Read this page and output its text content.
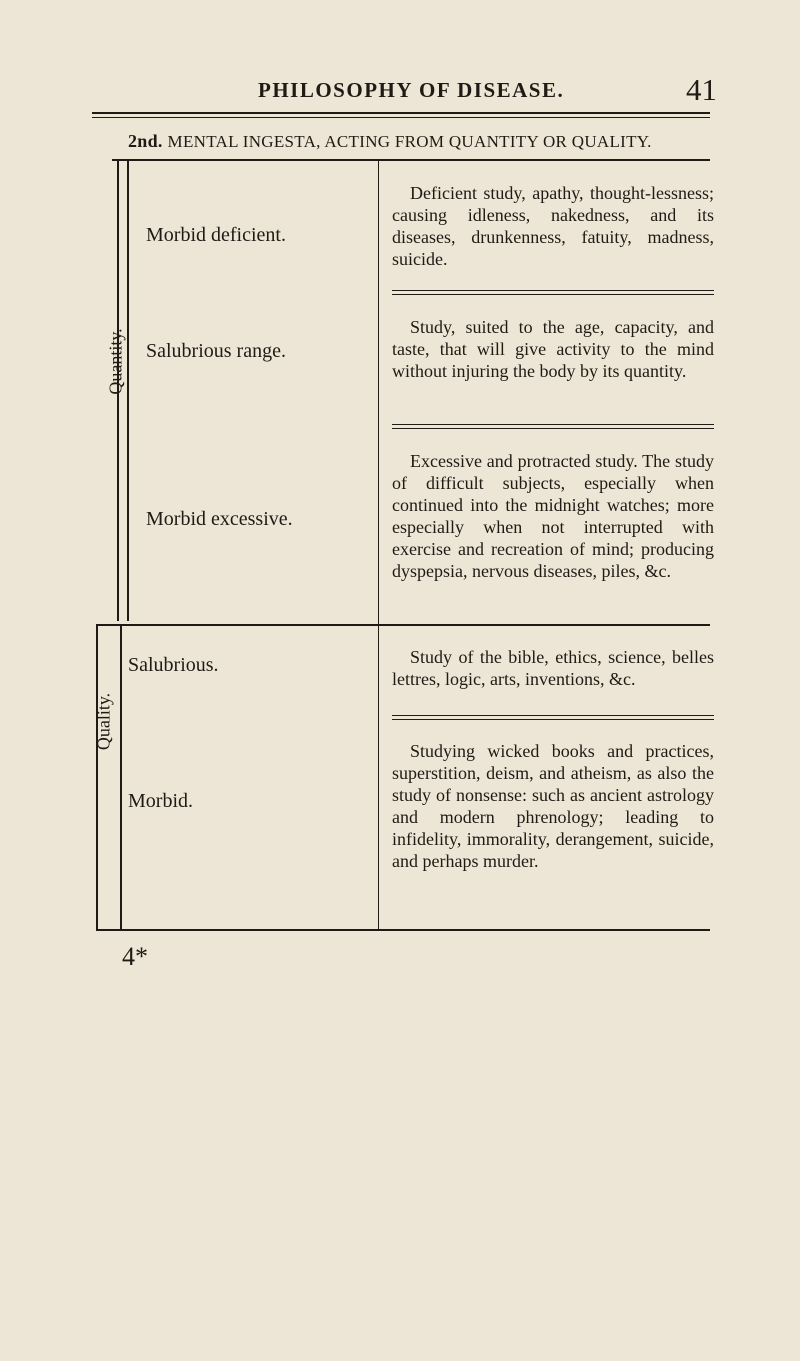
PHILOSOPHY OF DISEASE.	41
2nd. MENTAL INGESTA, ACTING FROM QUANTITY OR QUALITY.
Quantity.
Morbid deficient.
Salubrious range.
Morbid excessive.
Deficient study, apathy, thought-lessness; causing idleness, nakedness, and its diseases, drunkenness, fatuity, madness, suicide.
Study, suited to the age, capacity, and taste, that will give activity to the mind without injuring the body by its quantity.
Excessive and protracted study. The study of difficult subjects, especially when continued into the midnight watches; more especially when not interrupted with exercise and recreation of mind; producing dyspepsia, nervous diseases, piles, &c.
Quality.
Salubrious.
Morbid.
Study of the bible, ethics, science, belles lettres, logic, arts, inventions, &c.
Studying wicked books and practices, superstition, deism, and atheism, as also the study of nonsense: such as ancient astrology and modern phrenology; leading to infidelity, immorality, derangement, suicide, and perhaps murder.
4*
